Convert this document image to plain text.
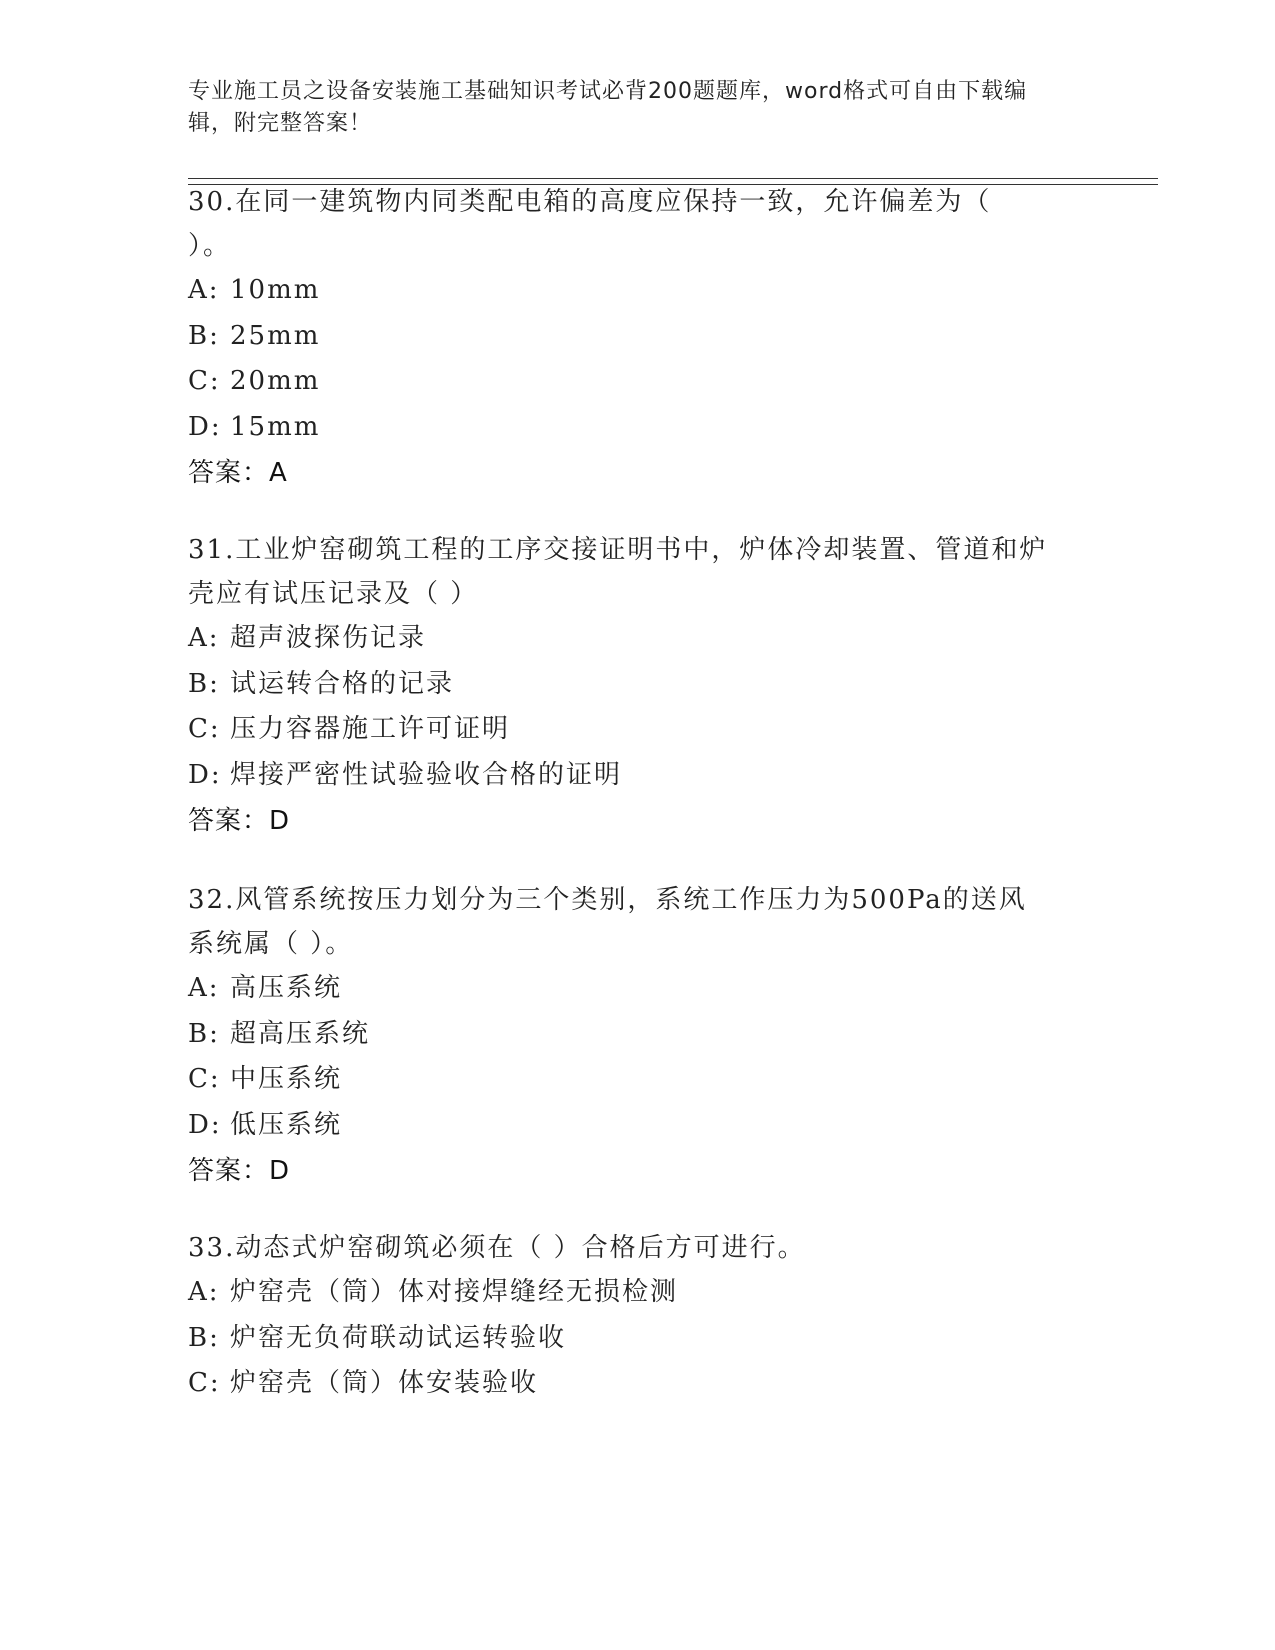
专业施工员之设备安装施工基础知识考试必背200题题库，word格式可自由下载编辑，附完整答案！
30.在同一建筑物内同类配电箱的高度应保持一致，允许偏差为（ ）。
A: 10mm
B: 25mm
C: 20mm
D: 15mm
答案：A
31.工业炉窑砌筑工程的工序交接证明书中，炉体冷却装置、管道和炉壳应有试压记录及（ ）
A: 超声波探伤记录
B: 试运转合格的记录
C: 压力容器施工许可证明
D: 焊接严密性试验验收合格的证明
答案：D
32.风管系统按压力划分为三个类别，系统工作压力为500Pa的送风系统属（ ）。
A: 高压系统
B: 超高压系统
C: 中压系统
D: 低压系统
答案：D
33.动态式炉窑砌筑必须在（ ）合格后方可进行。
A: 炉窑壳（筒）体对接焊缝经无损检测
B: 炉窑无负荷联动试运转验收
C: 炉窑壳（筒）体安装验收
